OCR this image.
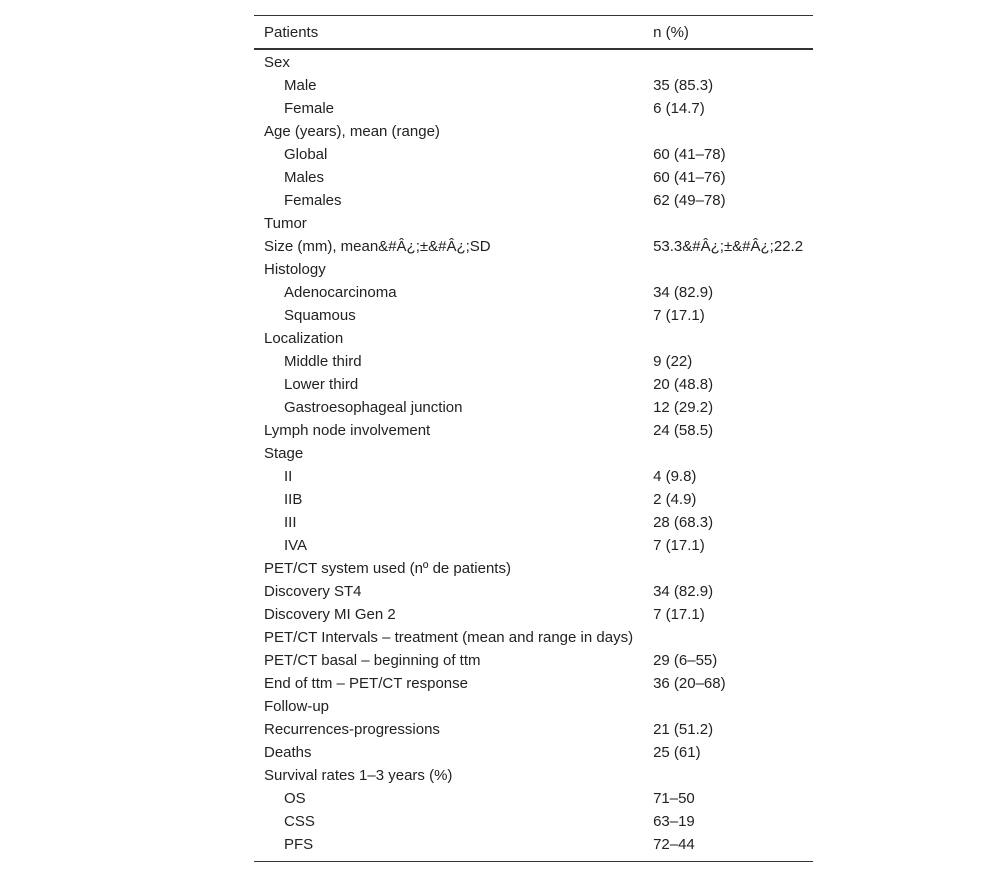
Patients	n (%)
Sex	
Male	35 (85.3)
Female	6 (14.7)
Age (years), mean (range)	
Global	60 (41–78)
Males	60 (41–76)
Females	62 (49–78)
Tumor	
Size (mm), mean&#Â¿;±&#Â¿;SD	53.3&#Â¿;±&#Â¿;22.2
Histology	
Adenocarcinoma	34 (82.9)
Squamous	7 (17.1)
Localization	
Middle third	9 (22)
Lower third	20 (48.8)
Gastroesophageal junction	12 (29.2)
Lymph node involvement	24 (58.5)
Stage	
II	4 (9.8)
IIB	2 (4.9)
III	28 (68.3)
IVA	7 (17.1)
PET/CT system used (nº de patients)	
Discovery ST4	34 (82.9)
Discovery MI Gen 2	7 (17.1)
PET/CT Intervals – treatment (mean and range in days)	
PET/CT basal – beginning of ttm	29 (6–55)
End of ttm – PET/CT response	36 (20–68)
Follow-up	
Recurrences-progressions	21 (51.2)
Deaths	25 (61)
Survival rates 1–3 years (%)	
OS	71–50
CSS	63–19
PFS	72–44
